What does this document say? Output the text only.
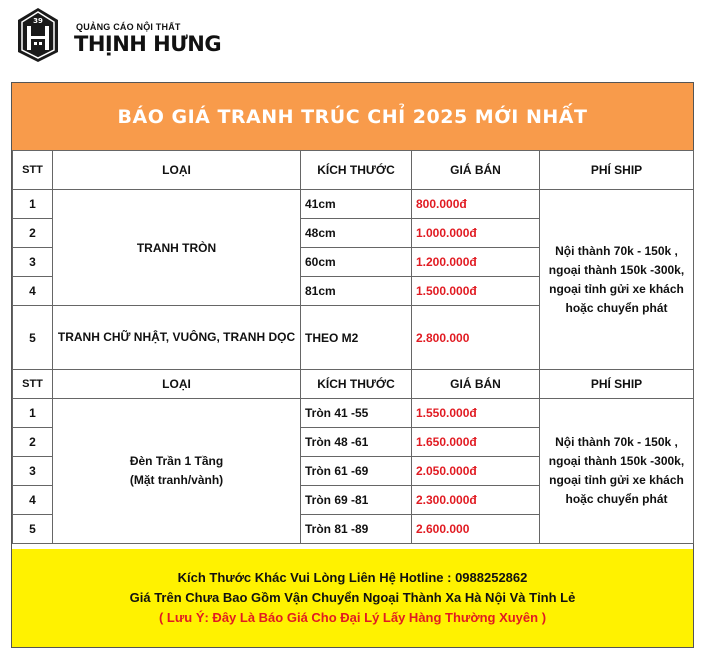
39
QUẢNG CÁO NỘI THẤT
THỊNH HƯNG
BÁO GIÁ TRANH TRÚC CHỈ 2025 MỚI NHẤT
STT	LOẠI	KÍCH THƯỚC	GIÁ BÁN	PHÍ SHIP
1	TRANH TRÒN	41cm	800.000đ	Nội thành 70k - 150k , ngoại thành 150k -300k, ngoại tỉnh gửi xe khách hoặc chuyển phát
2		48cm	1.000.000đ	
3		60cm	1.200.000đ	
4		81cm	1.500.000đ	
5	TRANH CHỮ NHẬT, VUÔNG, TRANH DỌC	THEO M2	2.800.000	
STT	LOẠI	KÍCH THƯỚC	GIÁ BÁN	PHÍ SHIP
1	Đèn Trần 1 Tầng
(Mặt tranh/vành)	Tròn 41 -55	1.550.000đ	Nội thành 70k - 150k , ngoại thành 150k -300k, ngoại tỉnh gửi xe khách hoặc chuyển phát
2		Tròn 48 -61	1.650.000đ	
3		Tròn 61 -69	2.050.000đ	
4		Tròn 69 -81	2.300.000đ	
5		Tròn 81 -89	2.600.000	
Kích Thước Khác Vui Lòng Liên Hệ Hotline : 0988252862
Giá Trên Chưa Bao Gồm Vận Chuyển Ngoại Thành Xa Hà Nội Và Tỉnh Lẻ
( Lưu Ý: Đây Là Báo Giá Cho Đại Lý Lấy Hàng Thường Xuyên )
